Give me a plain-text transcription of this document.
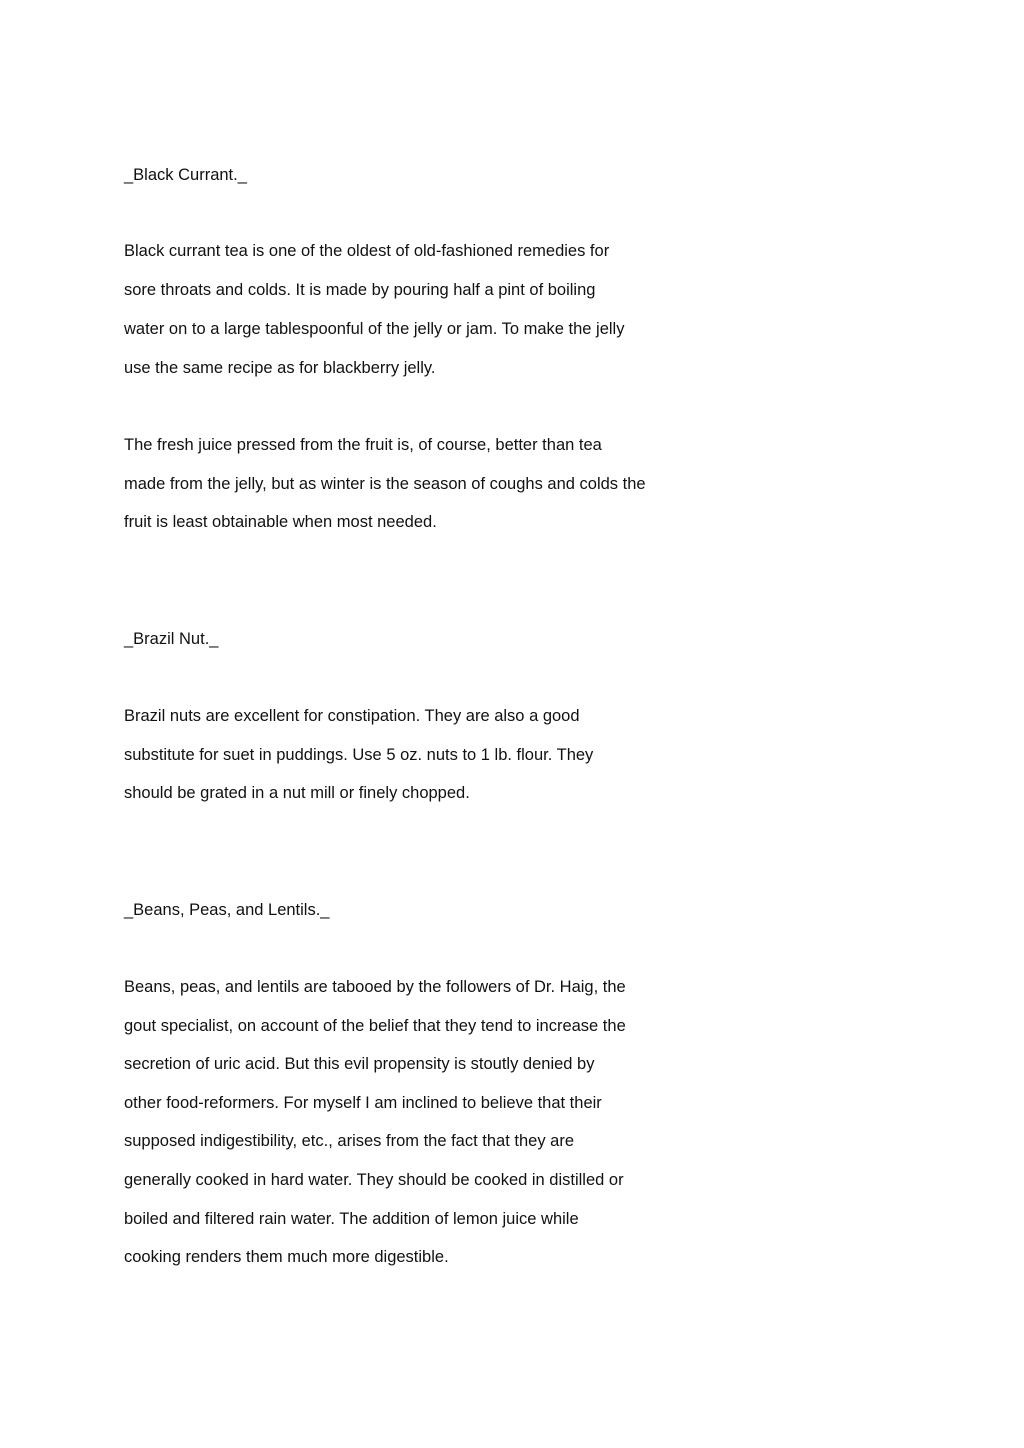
_Black Currant._
Black currant tea is one of the oldest of old-fashioned remedies for
sore throats and colds. It is made by pouring half a pint of boiling
water on to a large tablespoonful of the jelly or jam. To make the jelly
use the same recipe as for blackberry jelly.
The fresh juice pressed from the fruit is, of course, better than tea
made from the jelly, but as winter is the season of coughs and colds the
fruit is least obtainable when most needed.
_Brazil Nut._
Brazil nuts are excellent for constipation. They are also a good
substitute for suet in puddings. Use 5 oz. nuts to 1 lb. flour. They
should be grated in a nut mill or finely chopped.
_Beans, Peas, and Lentils._
Beans, peas, and lentils are tabooed by the followers of Dr. Haig, the
gout specialist, on account of the belief that they tend to increase the
secretion of uric acid. But this evil propensity is stoutly denied by
other food-reformers. For myself I am inclined to believe that their
supposed indigestibility, etc., arises from the fact that they are
generally cooked in hard water. They should be cooked in distilled or
boiled and filtered rain water. The addition of lemon juice while
cooking renders them much more digestible.
